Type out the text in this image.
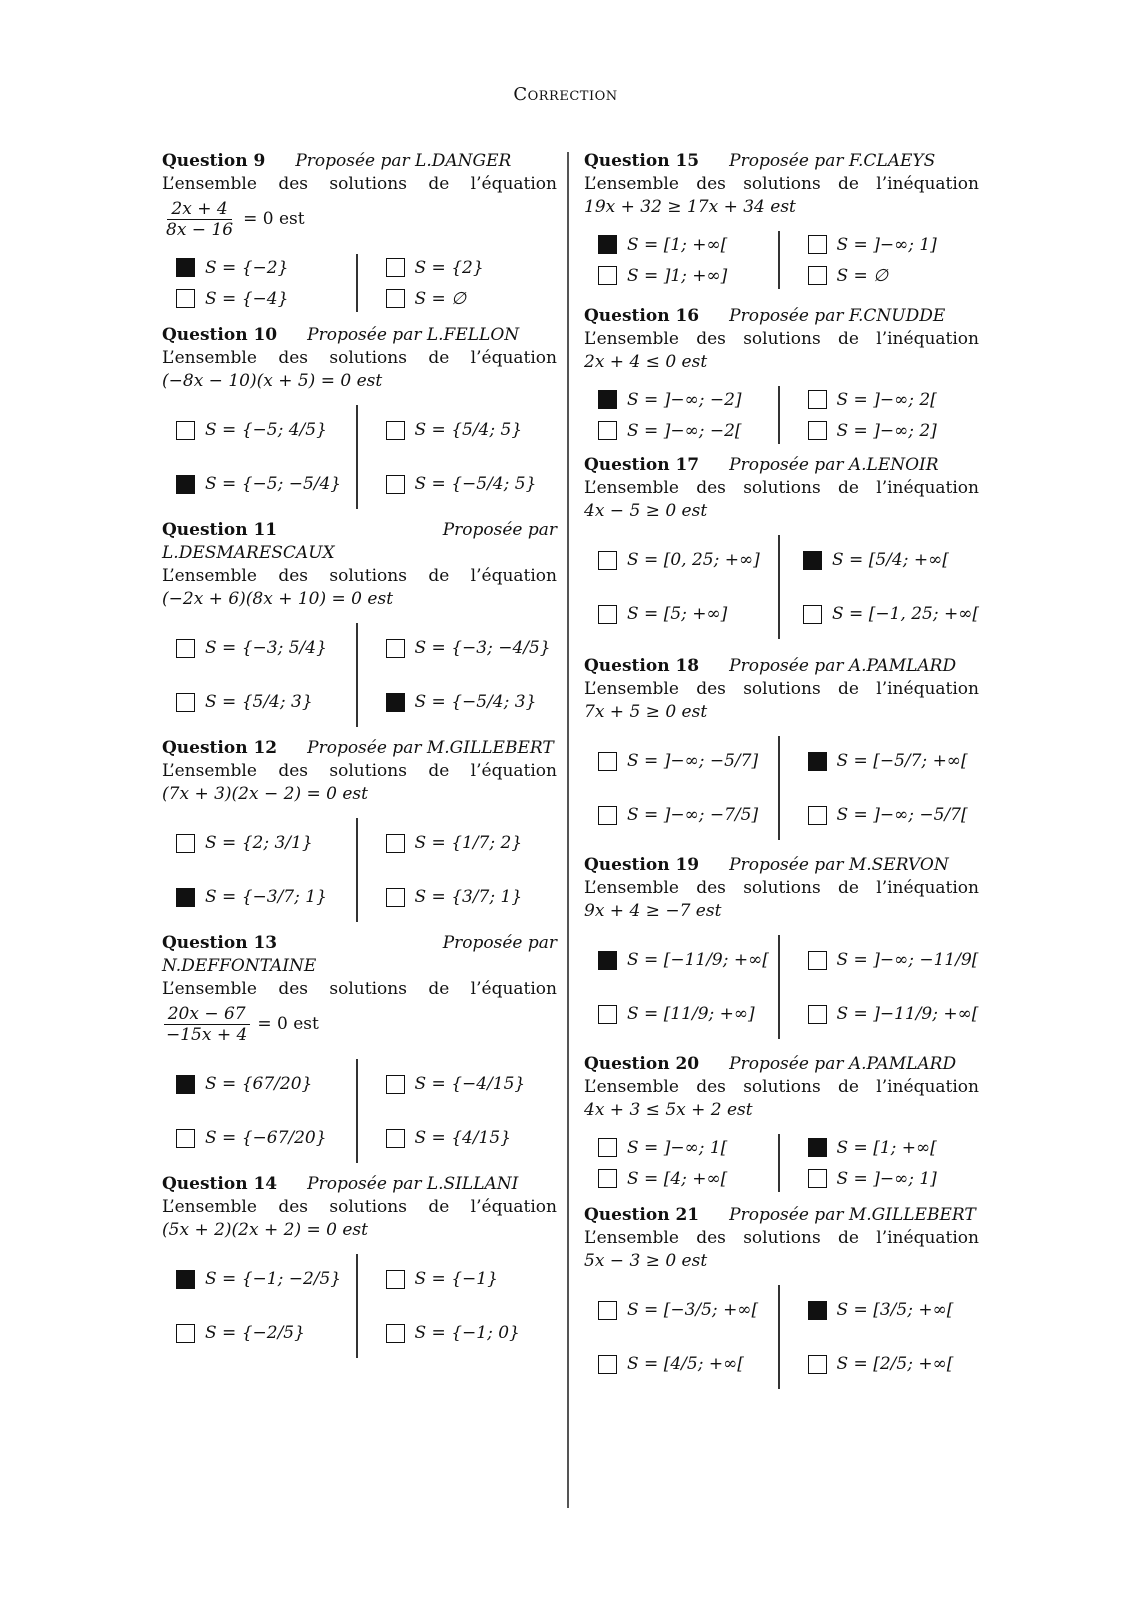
Correction
Question 9 Proposée par L.DANGER
L’ensemble des solutions de l’équation
$\frac{2x + 4}{8x - 16} = 0$ est
S = {−2}	S = {2}
S = {−4}	S = ∅
Question 10 Proposée par L.FELLON
L’ensemble des solutions de l’équation
(−8x − 10)(x + 5) = 0 est
S = {−5; 4/5}	S = {5/4; 5}
S = {−5; −5/4}	S = {−5/4; 5}
Question 11	Proposée par
L.DESMARESCAUX
L’ensemble des solutions de l’équation
(−2x + 6)(8x + 10) = 0 est
S = {−3; 5/4}	S = {−3; −4/5}
S = {5/4; 3}	S = {−5/4; 3}
Question 12 Proposée par M.GILLEBERT
L’ensemble des solutions de l’équation
(7x + 3)(2x − 2) = 0 est
S = {2; 3/1}	S = {1/7; 2}
S = {−3/7; 1}	S = {3/7; 1}
Question 13	Proposée par
N.DEFFONTAINE
L’ensemble des solutions de l’équation
$\frac{20x - 67}{-15x + 4} = 0$ est
S = {67/20}	S = {−4/15}
S = {−67/20}	S = {4/15}
Question 14 Proposée par L.SILLANI
L’ensemble des solutions de l’équation
(5x + 2)(2x + 2) = 0 est
S = {−1; −2/5}	S = {−1}
S = {−2/5}	S = {−1; 0}
Question 15 Proposée par F.CLAEYS
L’ensemble des solutions de l’inéquation
19x + 32 ≥ 17x + 34 est
S = [1; +∞[	S = ]−∞; 1]
S = ]1; +∞]	S = ∅
Question 16 Proposée par F.CNUDDE
L’ensemble des solutions de l’inéquation
2x + 4 ≤ 0 est
S = ]−∞; −2]	S = ]−∞; 2[
S = ]−∞; −2[	S = ]−∞; 2]
Question 17 Proposée par A.LENOIR
L’ensemble des solutions de l’inéquation
4x − 5 ≥ 0 est
S = [0, 25; +∞]	S = [5/4; +∞[
S = [5; +∞]	S = [−1, 25; +∞[
Question 18 Proposée par A.PAMLARD
L’ensemble des solutions de l’inéquation
7x + 5 ≥ 0 est
S = ]−∞; −5/7]	S = [−5/7; +∞[
S = ]−∞; −7/5]	S = ]−∞; −5/7[
Question 19 Proposée par M.SERVON
L’ensemble des solutions de l’inéquation
9x + 4 ≥ −7 est
S = [−11/9; +∞[	S = ]−∞; −11/9[
S = [11/9; +∞]	S = ]−11/9; +∞[
Question 20 Proposée par A.PAMLARD
L’ensemble des solutions de l’inéquation
4x + 3 ≤ 5x + 2 est
S = ]−∞; 1[	S = [1; +∞[
S = [4; +∞[	S = ]−∞; 1]
Question 21 Proposée par M.GILLEBERT
L’ensemble des solutions de l’inéquation
5x − 3 ≥ 0 est
S = [−3/5; +∞[	S = [3/5; +∞[
S = [4/5; +∞[	S = [2/5; +∞[
